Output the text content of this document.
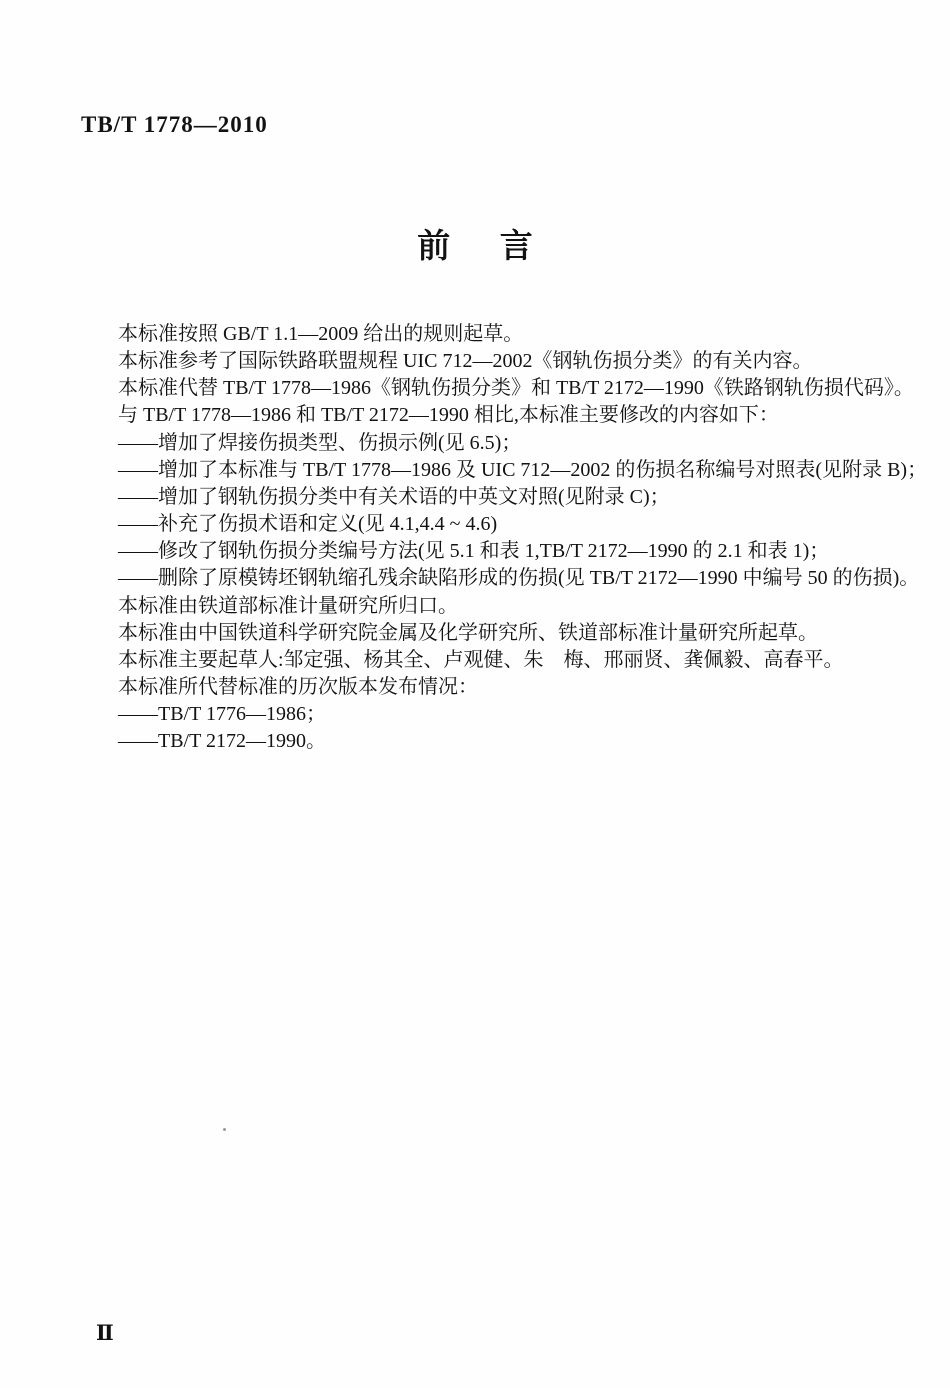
TB/T 1778—2010
前　言

本标准按照 GB/T 1.1—2009 给出的规则起草。

本标准参考了国际铁路联盟规程 UIC 712—2002《钢轨伤损分类》的有关内容。

本标准代替 TB/T 1778—1986《钢轨伤损分类》和 TB/T 2172—1990《铁路钢轨伤损代码》。

与 TB/T 1778—1986 和 TB/T 2172—1990 相比,本标准主要修改的内容如下：

——增加了焊接伤损类型、伤损示例(见 6.5)；

——增加了本标准与 TB/T 1778—1986 及 UIC 712—2002 的伤损名称编号对照表(见附录 B)；

——增加了钢轨伤损分类中有关术语的中英文对照(见附录 C)；

——补充了伤损术语和定义(见 4.1,4.4 ~ 4.6)

——修改了钢轨伤损分类编号方法(见 5.1 和表 1,TB/T 2172—1990 的 2.1 和表 1)；

——删除了原模铸坯钢轨缩孔残余缺陷形成的伤损(见 TB/T 2172—1990 中编号 50 的伤损)。

本标准由铁道部标准计量研究所归口。

本标准由中国铁道科学研究院金属及化学研究所、铁道部标准计量研究所起草。

本标准主要起草人:邹定强、杨其全、卢观健、朱　梅、邢丽贤、龚佩毅、高春平。

本标准所代替标准的历次版本发布情况：

——TB/T 1776—1986；

——TB/T 2172—1990。

Ⅱ
